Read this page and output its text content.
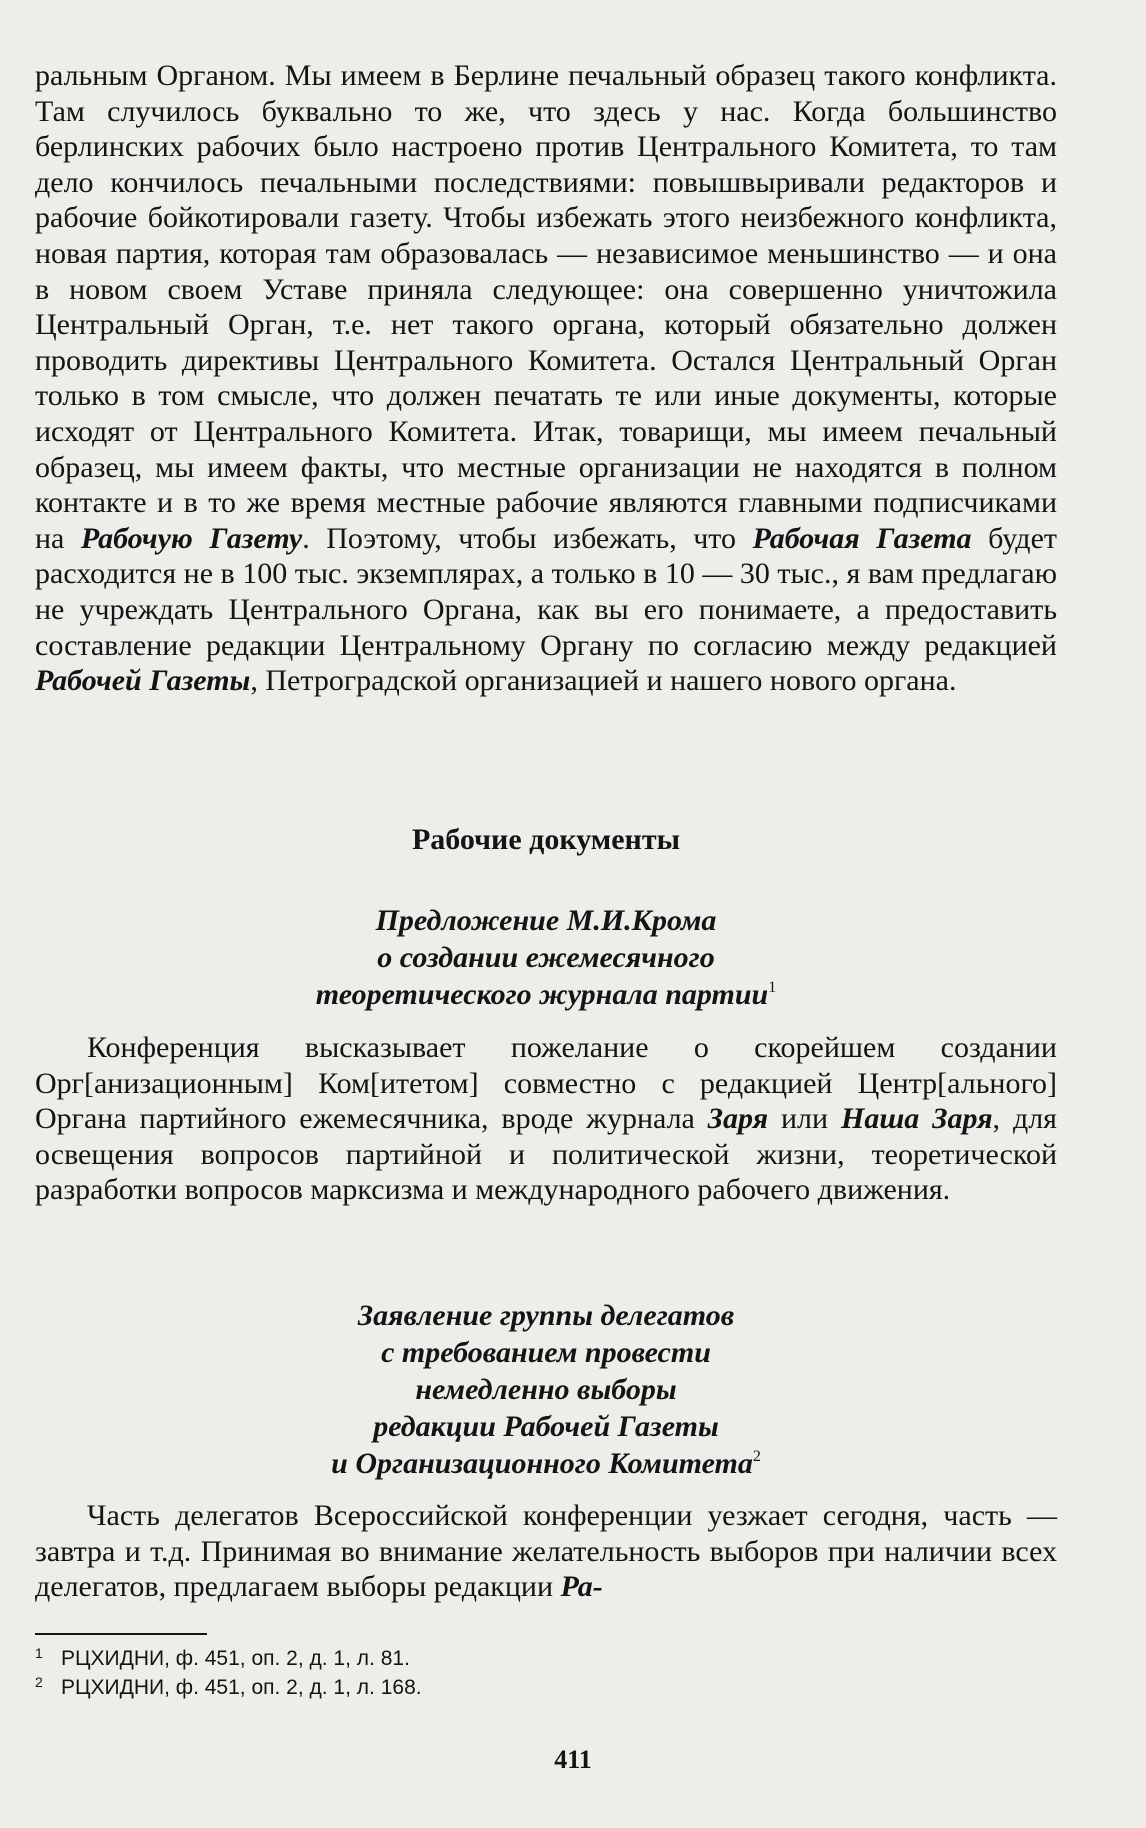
ральным Органом. Мы имеем в Берлине печальный образец такого конфликта. Там случилось буквально то же, что здесь у нас. Когда большинство берлинских рабочих было настроено против Центрального Комитета, то там дело кончилось печальными последствиями: повышвыривали редакторов и рабочие бойкотировали газету. Чтобы избежать этого неизбежного конфликта, новая партия, которая там образовалась — независимое меньшинство — и она в новом своем Уставе приняла следующее: она совершенно уничтожила Центральный Орган, т.е. нет такого органа, который обязательно должен проводить директивы Центрального Комитета. Остался Центральный Орган только в том смысле, что должен печатать те или иные документы, которые исходят от Центрального Комитета. Итак, товарищи, мы имеем печальный образец, мы имеем факты, что местные организации не находятся в полном контакте и в то же время местные рабочие являются главными подписчиками на Рабочую Газету. Поэтому, чтобы избежать, что Рабочая Газета будет расходится не в 100 тыс. экземплярах, а только в 10 — 30 тыс., я вам предлагаю не учреждать Центрального Органа, как вы его понимаете, а предоставить составление редакции Центральному Органу по согласию между редакцией Рабочей Газеты, Петроградской организацией и нашего нового органа.

Рабочие документы

Предложение М.И.Крома

о создании ежемесячного

теоретического журнала партии$^1$

Конференция высказывает пожелание о скорейшем создании Орг[анизационным] Ком[итетом] совместно с редакцией Центр[ального] Органа партийного ежемесячника, вроде журнала Заря или Наша Заря, для освещения вопросов партийной и политической жизни, теоретической разработки вопросов марксизма и международного рабочего движения.

Заявление группы делегатов

с требованием провести

немедленно выборы

редакции Рабочей Газеты

и Организационного Комитета$^2$

Часть делегатов Всероссийской конференции уезжает сегодня, часть — завтра и т.д. Принимая во внимание желательность выборов при наличии всех делегатов, предлагаем выборы редакции Ра-

1 РЦХИДНИ, ф. 451, оп. 2, д. 1, л. 81.
2 РЦХИДНИ, ф. 451, оп. 2, д. 1, л. 168.
411
